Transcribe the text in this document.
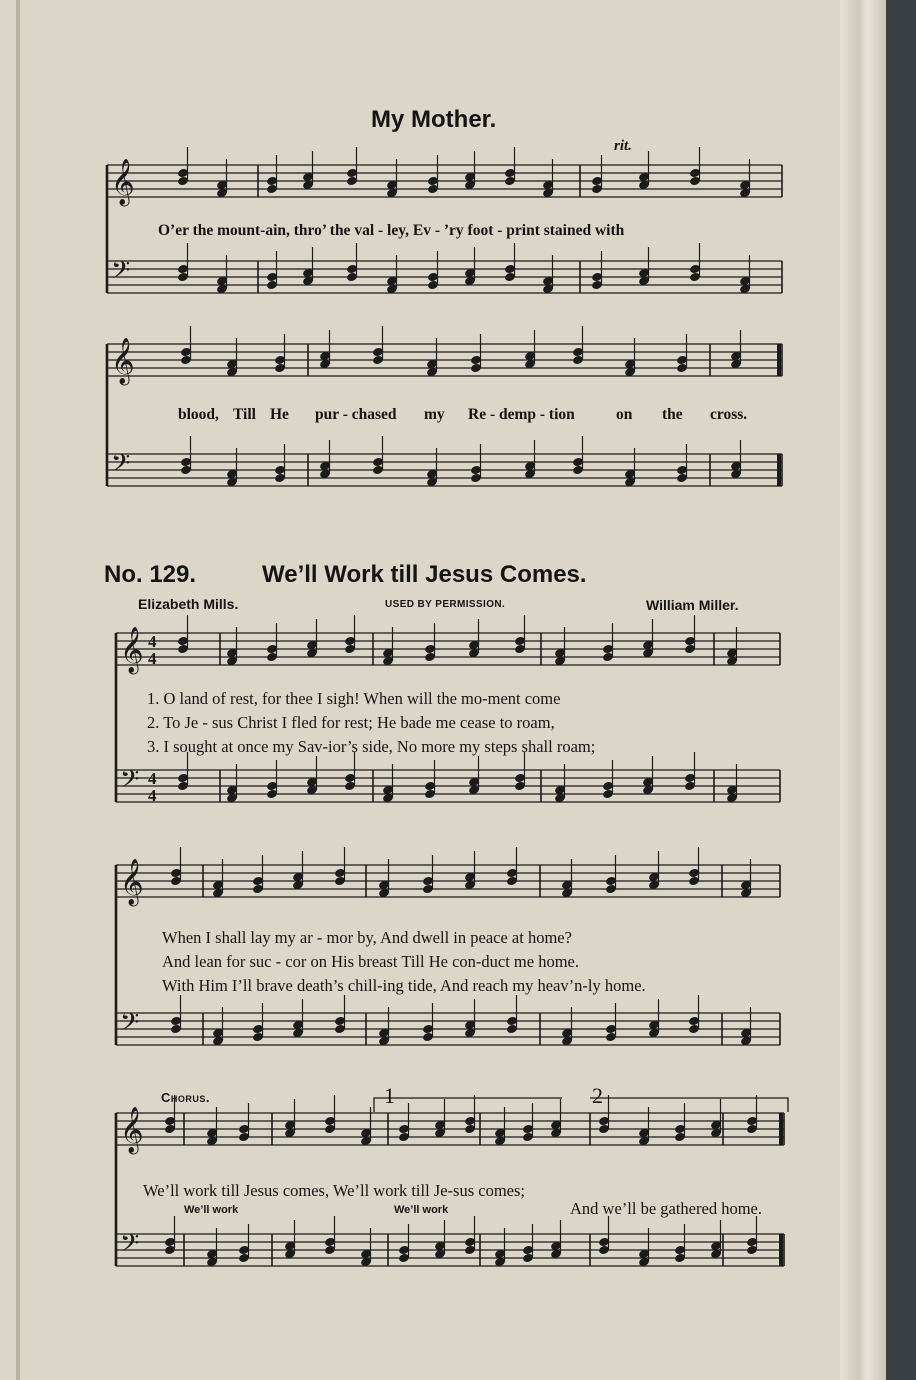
𝄞
𝄢
𝄞
𝄢
𝄞
𝄢
𝄞
𝄢
𝄞
𝄢
4
4
4
4
My Mother.
rit.
O’er the mount-ain, thro’ the val - ley, Ev - ’ry foot - print stained with
blood, Till He pur - chased my Re - demp - tion	on the cross.
No. 129.	We’ll Work till Jesus Comes.
Elizabeth Mills.	USED BY PERMISSION.	William Miller.
1. O land of rest, for thee I sigh! When will the mo-ment come
2. To Je - sus Christ I fled for rest; He bade me cease to roam,
3. I sought at once my Sav-ior’s side, No more my steps shall roam;
When I shall lay my ar - mor by, And dwell in peace at home?
And lean for suc - cor on His breast Till He con-duct me home.
With Him I’ll brave death’s chill-ing tide, And reach my heav’n-ly home.
Chorus.	1	2
We’ll work till Jesus comes, We’ll work till Je-sus comes;
And we’ll be gathered home.
We’ll work	We’ll work
